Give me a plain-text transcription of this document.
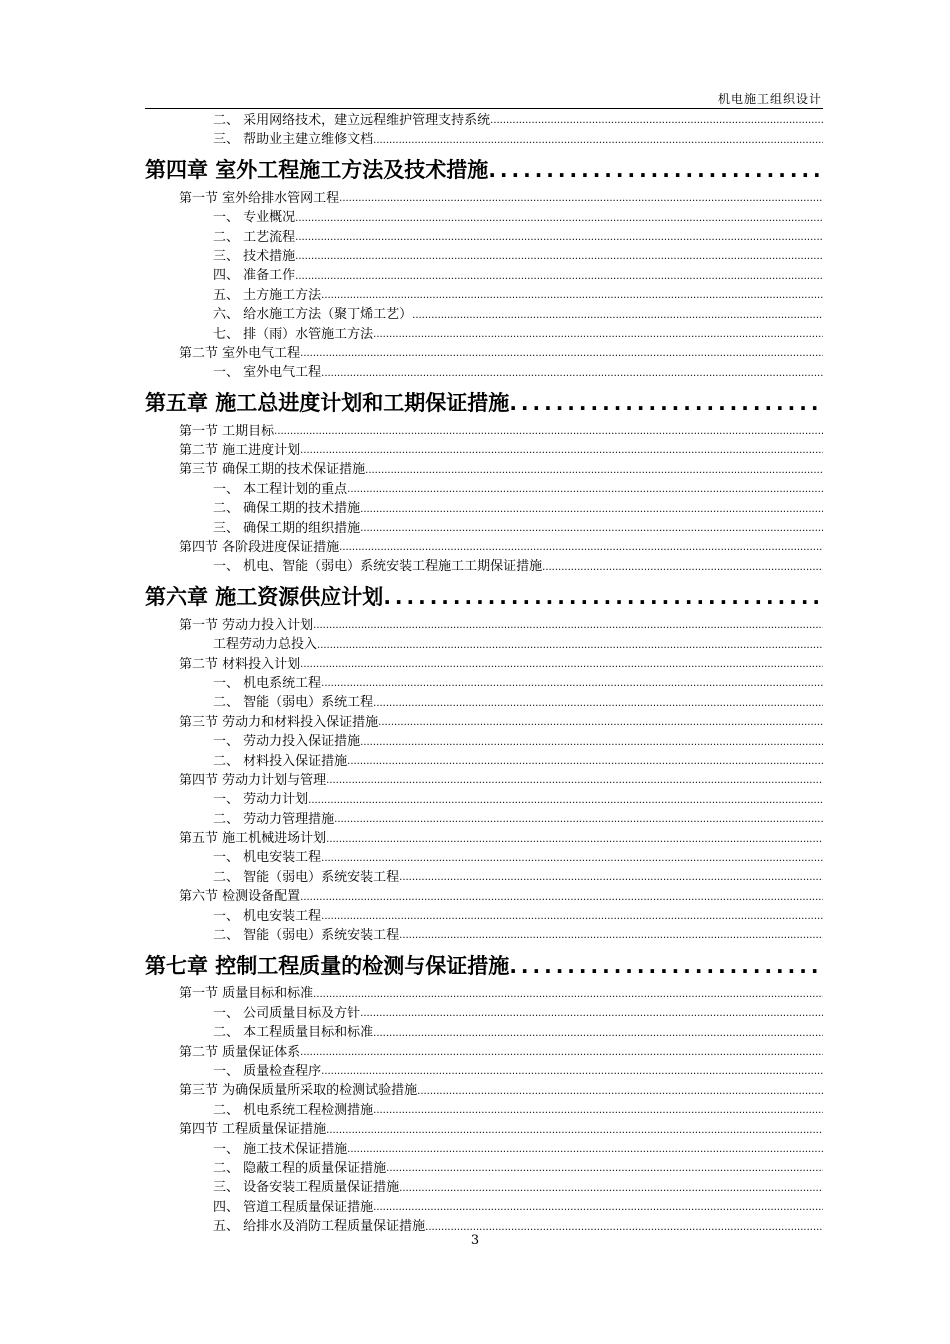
机电施工组织设计
二、 采用网络技术，建立远程维护管理支持系统
.....
三、 帮助业主建立维修文档
.....
第四章 室外工程施工方法及技术措施
.....
第一节 室外给排水管网工程
.....
一、 专业概况
.....
二、 工艺流程
.....
三、 技术措施
.....
四、 准备工作
.....
五、 土方施工方法
.....
六、 给水施工方法（聚丁烯工艺）
.....
七、 排（雨）水管施工方法
.....
第二节 室外电气工程
.....
一、 室外电气工程
.....
第五章 施工总进度计划和工期保证措施
.....
第一节 工期目标
.....
第二节 施工进度计划
.....
第三节 确保工期的技术保证措施
.....
一、 本工程计划的重点
.....
二、 确保工期的技术措施
.....
三、 确保工期的组织措施
.....
第四节 各阶段进度保证措施
.....
一、 机电、智能（弱电）系统安装工程施工工期保证措施
.....
第六章 施工资源供应计划
.....
第一节 劳动力投入计划
.....
工程劳动力总投入
.....
第二节 材料投入计划
.....
一、 机电系统工程
.....
二、 智能（弱电）系统工程
.....
第三节 劳动力和材料投入保证措施
.....
一、 劳动力投入保证措施
.....
二、 材料投入保证措施
.....
第四节 劳动力计划与管理
.....
一、 劳动力计划
.....
二、 劳动力管理措施
.....
第五节 施工机械进场计划
.....
一、 机电安装工程
.....
二、 智能（弱电）系统安装工程
.....
第六节 检测设备配置
.....
一、 机电安装工程
.....
二、 智能（弱电）系统安装工程
.....
第七章 控制工程质量的检测与保证措施
.....
第一节 质量目标和标准
.....
一、 公司质量目标及方针
.....
二、 本工程质量目标和标准
.....
第二节 质量保证体系
.....
一、 质量检查程序
.....
第三节 为确保质量所采取的检测试验措施
.....
二、 机电系统工程检测措施
.....
第四节 工程质量保证措施
.....
一、 施工技术保证措施
.....
二、 隐蔽工程的质量保证措施
.....
三、 设备安装工程质量保证措施
.....
四、 管道工程质量保证措施
.....
五、 给排水及消防工程质量保证措施
.....
3
